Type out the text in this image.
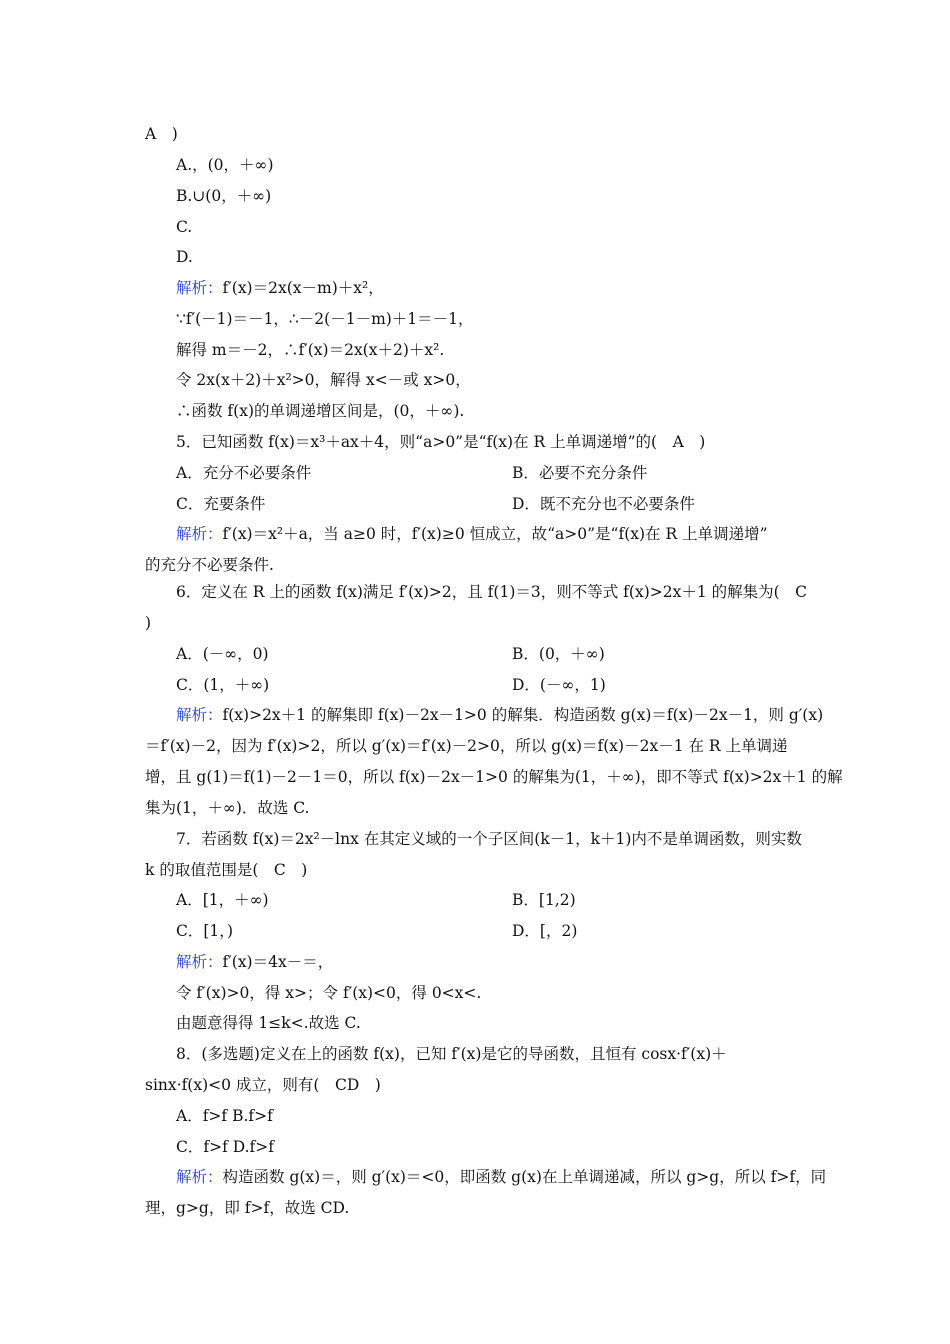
A　)
A.，(0，＋∞)
B.∪(0，＋∞)
C.
D.
解析：f′(x)＝2x(x－m)＋x²，
∵f′(－1)＝－1，∴－2(－1－m)＋1＝－1，
解得 m＝－2，∴f′(x)＝2x(x＋2)＋x².
令 2x(x＋2)＋x²>0，解得 x<－或 x>0，
∴函数 f(x)的单调递增区间是，(0，＋∞).
5．已知函数 f(x)＝x³＋ax＋4，则“a>0”是“f(x)在 R 上单调递增”的(　A　)
A．充分不必要条件	B．必要不充分条件
C．充要条件	D．既不充分也不必要条件
解析：f′(x)＝x²＋a，当 a≥0 时，f′(x)≥0 恒成立，故“a>0”是“f(x)在 R 上单调递增”
的充分不必要条件.
6．定义在 R 上的函数 f(x)满足 f′(x)>2，且 f(1)＝3，则不等式 f(x)>2x＋1 的解集为(　C
)
A．(－∞，0)	B．(0，＋∞)
C．(1，＋∞)	D．(－∞，1)
解析：f(x)>2x＋1 的解集即 f(x)－2x－1>0 的解集．构造函数 g(x)＝f(x)－2x－1，则 g′(x)
＝f′(x)－2，因为 f′(x)>2，所以 g′(x)＝f′(x)－2>0，所以 g(x)＝f(x)－2x－1 在 R 上单调递
增，且 g(1)＝f(1)－2－1＝0，所以 f(x)－2x－1>0 的解集为(1，＋∞)，即不等式 f(x)>2x＋1 的解
集为(1，＋∞)．故选 C.
7．若函数 f(x)＝2x²－lnx 在其定义域的一个子区间(k－1，k＋1)内不是单调函数，则实数
k 的取值范围是(　C　)
A．[1，＋∞)	B．[1,2)
C．[1，)	D．[，2)
解析：f′(x)＝4x－＝，
令 f′(x)>0，得 x>；令 f′(x)<0，得 0<x<.
由题意得得 1≤k<.故选 C.
8．(多选题)定义在上的函数 f(x)，已知 f′(x)是它的导函数，且恒有 cosx·f′(x)＋
sinx·f(x)<0 成立，则有(　CD　)
A．f>f B.f>f
C．f>f D.f>f
解析：构造函数 g(x)＝，则 g′(x)＝<0，即函数 g(x)在上单调递减，所以 g>g，所以 f>f，同
理，g>g，即 f>f，故选 CD.
